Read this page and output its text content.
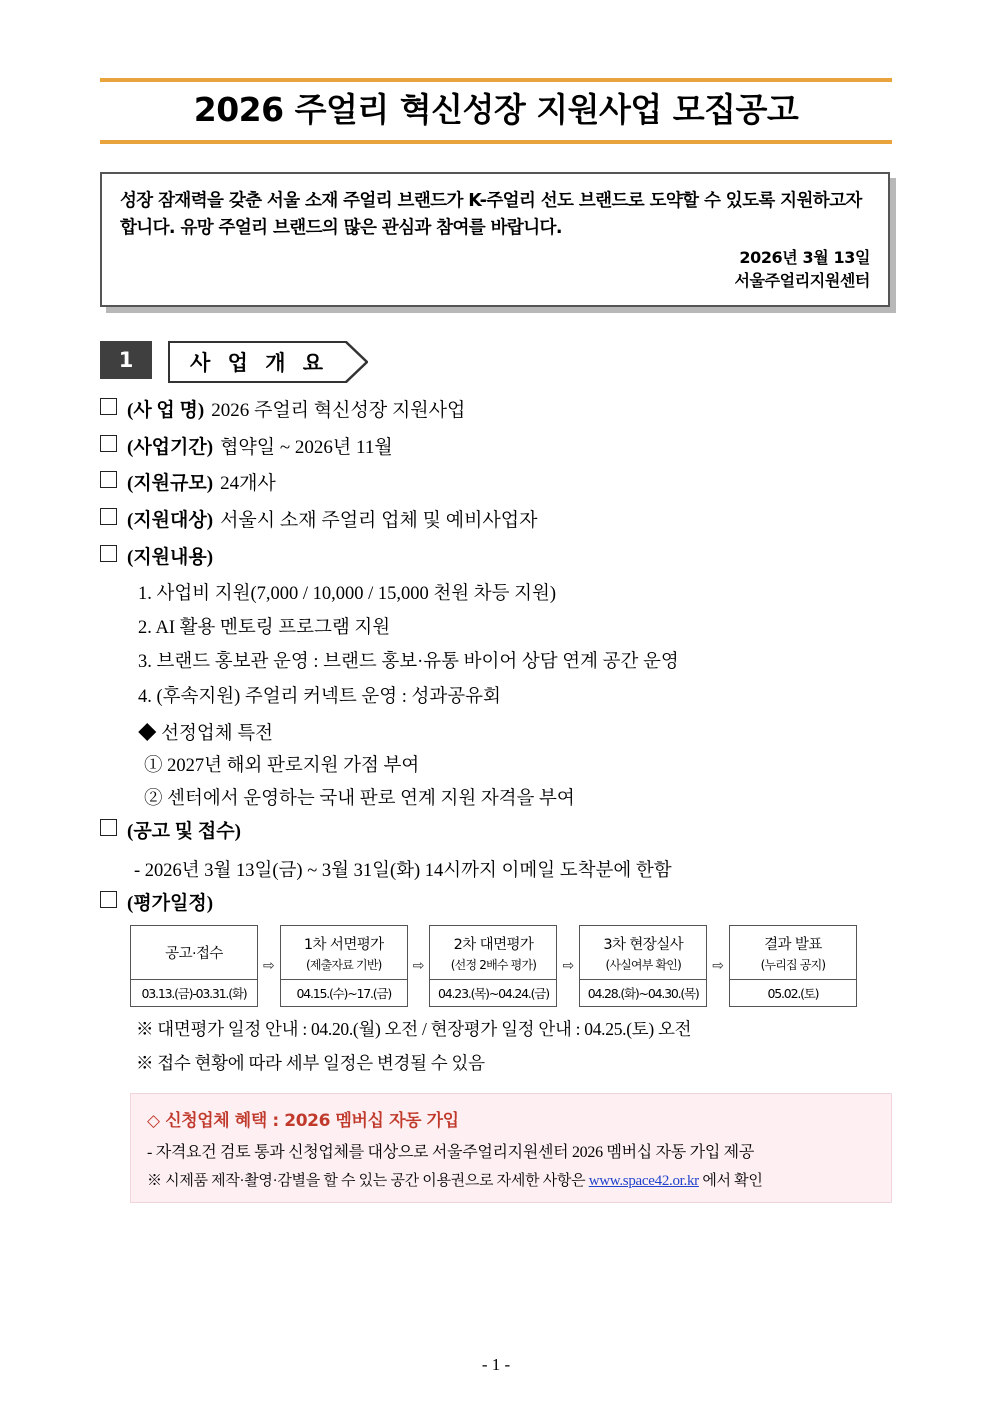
2026 주얼리 혁신성장 지원사업 모집공고
성장 잠재력을 갖춘 서울 소재 주얼리 브랜드가 K-주얼리 선도 브랜드로 도약할 수 있도록 지원하고자 합니다. 유망 주얼리 브랜드의 많은 관심과 참여를 바랍니다.
2026년 3월 13일
서울주얼리지원센터
1	사 업 개 요
(사 업 명) 2026 주얼리 혁신성장 지원사업
(사업기간) 협약일 ~ 2026년 11월
(지원규모) 24개사
(지원대상) 서울시 소재 주얼리 업체 및 예비사업자
(지원내용)
1. 사업비 지원(7,000 / 10,000 / 15,000 천원 차등 지원)
2. AI 활용 멘토링 프로그램 지원
3. 브랜드 홍보관 운영 : 브랜드 홍보·유통 바이어 상담 연계 공간 운영
4. (후속지원) 주얼리 커넥트 운영 : 성과공유회
◆ 선정업체 특전
① 2027년 해외 판로지원 가점 부여
② 센터에서 운영하는 국내 판로 연계 지원 자격을 부여
(공고 및 접수)
- 2026년 3월 13일(금) ~ 3월 31일(화) 14시까지 이메일 도착분에 한함
(평가일정)
공고·접수
03.13.(금)-03.31.(화)
⇨
1차 서면평가
(제출자료 기반)
04.15.(수)~17.(금)
⇨
2차 대면평가
(선정 2배수 평가)
04.23.(목)~04.24.(금)
⇨
3차 현장실사
(사실여부 확인)
04.28.(화)~04.30.(목)
⇨
결과 발표
(누리집 공지)
05.02.(토)
※ 대면평가 일정 안내 : 04.20.(월) 오전 / 현장평가 일정 안내 : 04.25.(토) 오전
※ 접수 현황에 따라 세부 일정은 변경될 수 있음
◇ 신청업체 혜택 : 2026 멤버십 자동 가입
- 자격요건 검토 통과 신청업체를 대상으로 서울주얼리지원센터 2026 멤버십 자동 가입 제공
※ 시제품 제작·촬영·감별을 할 수 있는 공간 이용권으로 자세한 사항은 www.space42.or.kr 에서 확인
- 1 -
